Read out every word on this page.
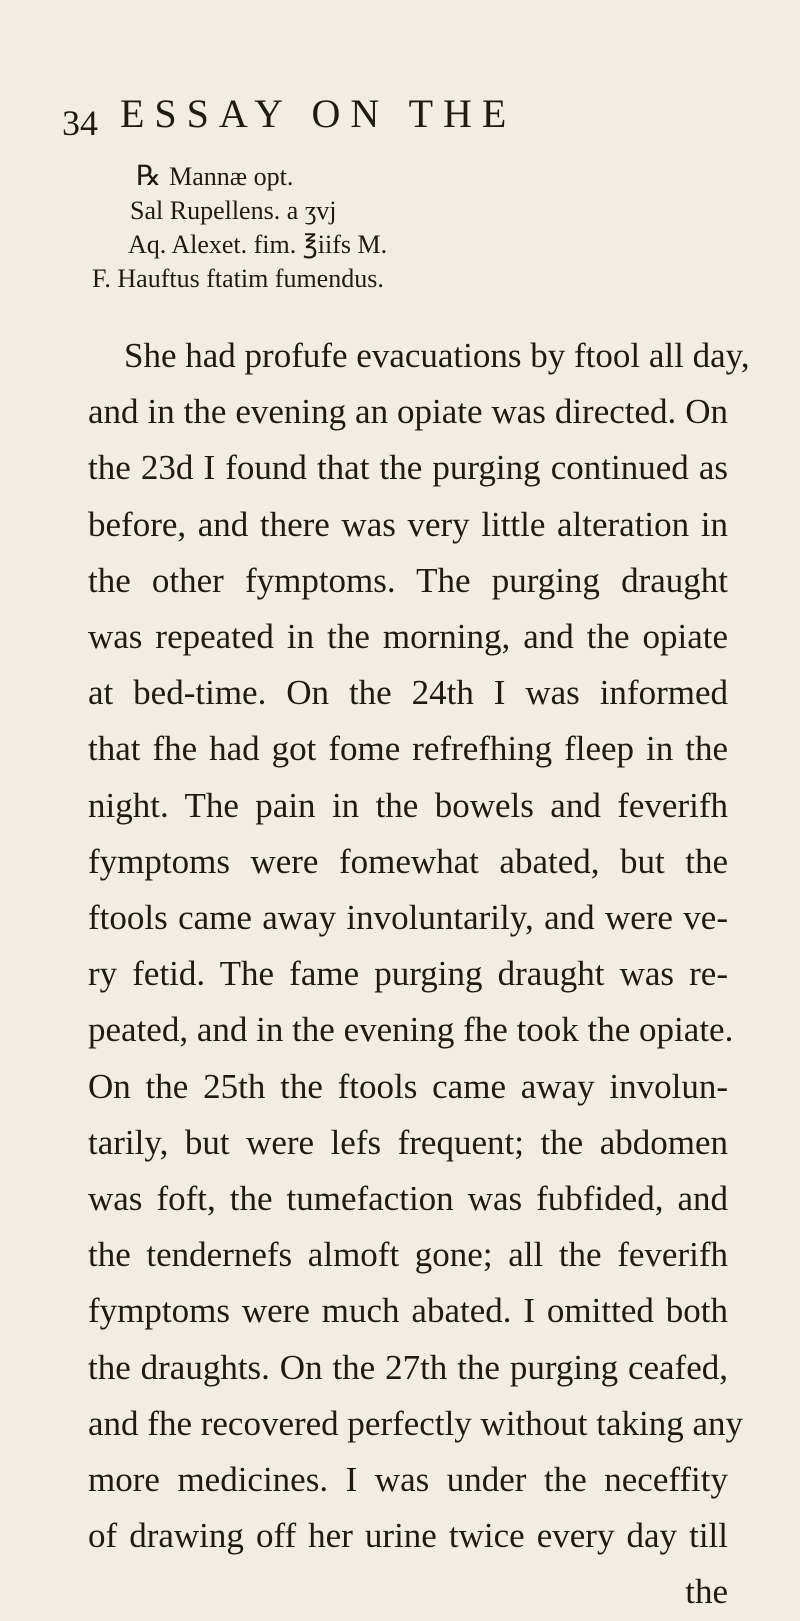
34 ESSAY ON THE
℞ Mannæ opt.
Sal Rupellens. a ʒvj
Aq. Alexet. fim. ℥iifs M.
F. Hauftus ftatim fumendus.
She had profufe evacuations by ftool all day,
and in the evening an opiate was directed. On
the 23d I found that the purging continued as
before, and there was very little alteration in
the other fymptoms. The purging draught
was repeated in the morning, and the opiate
at bed-time. On the 24th I was informed
that fhe had got fome refrefhing fleep in the
night. The pain in the bowels and feverifh
fymptoms were fomewhat abated, but the
ftools came away involuntarily, and were ve-
ry fetid. The fame purging draught was re-
peated, and in the evening fhe took the opiate.
On the 25th the ftools came away involun-
tarily, but were lefs frequent; the abdomen
was foft, the tumefaction was fubfided, and
the tendernefs almoft gone; all the feverifh
fymptoms were much abated. I omitted both
the draughts. On the 27th the purging ceafed,
and fhe recovered perfectly without taking any
more medicines. I was under the neceffity
of drawing off her urine twice every day till
the
